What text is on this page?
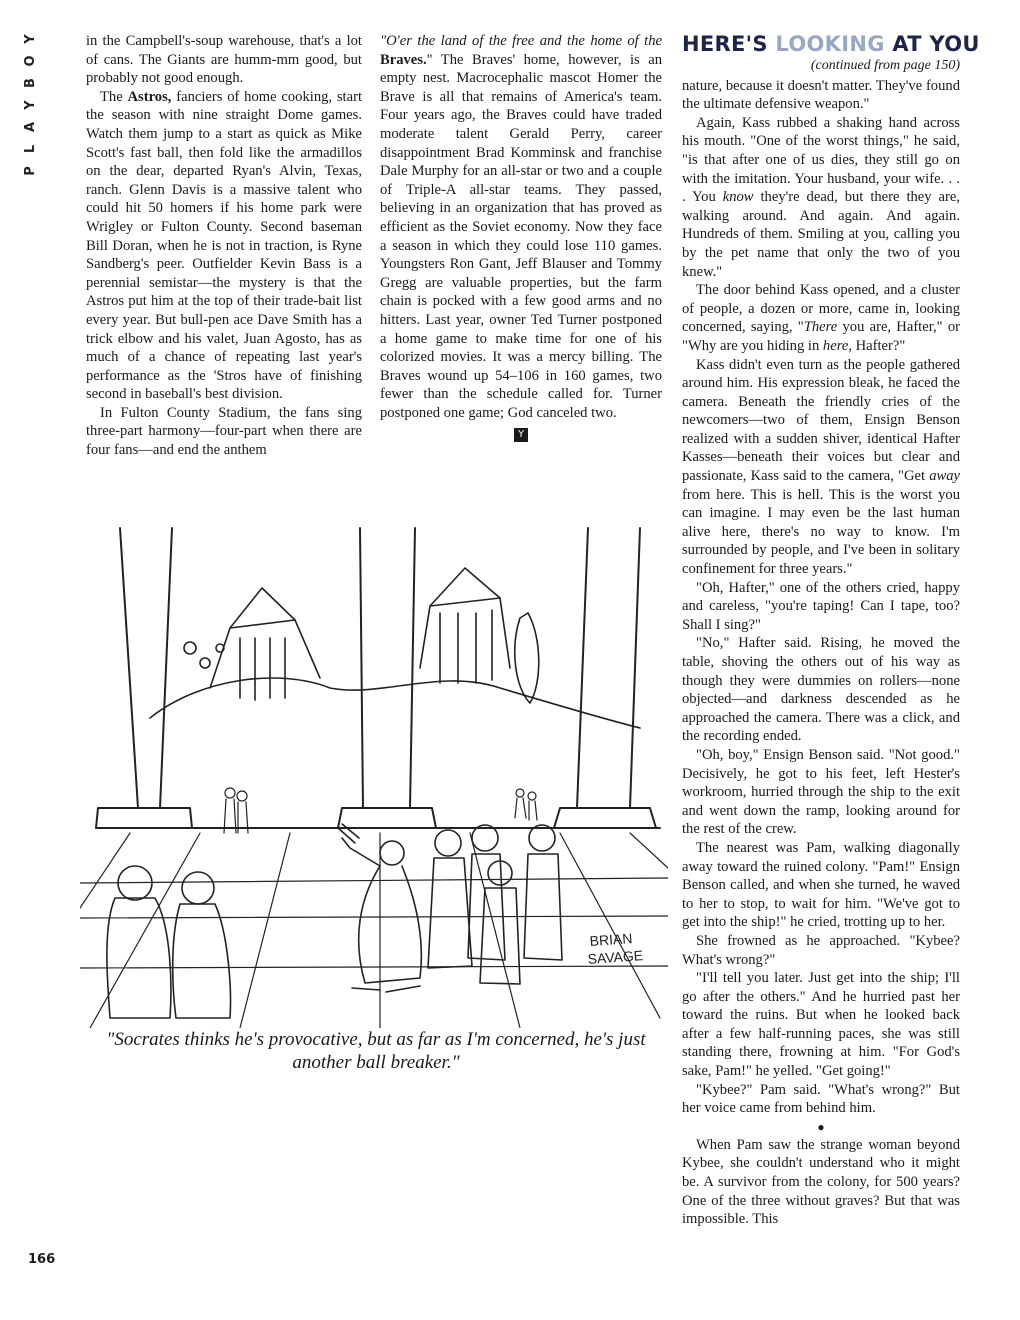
Y
O
B
Y
A
L
P

in the Campbell's-soup warehouse, that's a lot of cans. The Giants are humm-mm good, but probably not good enough.

The Astros, fanciers of home cooking, start the season with nine straight Dome games. Watch them jump to a start as quick as Mike Scott's fast ball, then fold like the armadillos on the dear, departed Ryan's Alvin, Texas, ranch. Glenn Davis is a massive talent who could hit 50 homers if his home park were Wrigley or Fulton County. Second baseman Bill Doran, when he is not in traction, is Ryne Sandberg's peer. Outfielder Kevin Bass is a perennial semistar—the mystery is that the Astros put him at the top of their trade-bait list every year. But bull-pen ace Dave Smith has a trick elbow and his valet, Juan Agosto, has as much of a chance of repeating last year's performance as the 'Stros have of finishing second in baseball's best division.

In Fulton County Stadium, the fans sing three-part harmony—four-part when there are four fans—and end the anthem

"O'er the land of the free and the home of the Braves." The Braves' home, however, is an empty nest. Macrocephalic mascot Homer the Brave is all that remains of America's team. Four years ago, the Braves could have traded moderate talent Gerald Perry, career disappointment Brad Komminsk and franchise Dale Murphy for an all-star or two and a couple of Triple-A all-star teams. They passed, believing in an organization that has proved as efficient as the Soviet economy. Now they face a season in which they could lose 110 games. Youngsters Ron Gant, Jeff Blauser and Tommy Gregg are valuable properties, but the farm chain is pocked with a few good arms and no hitters. Last year, owner Ted Turner postponed a home game to make time for one of his colorized movies. It was a mercy billing. The Braves wound up 54–106 in 160 games, two fewer than the schedule called for. Turner postponed one game; God canceled two.

Y
HERE'S LOOKING AT YOU
(continued from page 150)

nature, because it doesn't matter. They've found the ultimate defensive weapon."

Again, Kass rubbed a shaking hand across his mouth. "One of the worst things," he said, "is that after one of us dies, they still go on with the imitation. Your husband, your wife. . . . You know they're dead, but there they are, walking around. And again. And again. Hundreds of them. Smiling at you, calling you by the pet name that only the two of you knew."

The door behind Kass opened, and a cluster of people, a dozen or more, came in, looking concerned, saying, "There you are, Hafter," or "Why are you hiding in here, Hafter?"

Kass didn't even turn as the people gathered around him. His expression bleak, he faced the camera. Beneath the friendly cries of the newcomers—two of them, Ensign Benson realized with a sudden shiver, identical Hafter Kasses—beneath their voices but clear and passionate, Kass said to the camera, "Get away from here. This is hell. This is the worst you can imagine. I may even be the last human alive here, there's no way to know. I'm surrounded by people, and I've been in solitary confinement for three years."

"Oh, Hafter," one of the others cried, happy and careless, "you're taping! Can I tape, too? Shall I sing?"

"No," Hafter said. Rising, he moved the table, shoving the others out of his way as though they were dummies on rollers—none objected—and darkness descended as he approached the camera. There was a click, and the recording ended.

"Oh, boy," Ensign Benson said. "Not good." Decisively, he got to his feet, left Hester's workroom, hurried through the ship to the exit and went down the ramp, looking around for the rest of the crew.

The nearest was Pam, walking diagonally away toward the ruined colony. "Pam!" Ensign Benson called, and when she turned, he waved to her to stop, to wait for him. "We've got to get into the ship!" he cried, trotting up to her.

She frowned as he approached. "Kybee? What's wrong?"

"I'll tell you later. Just get into the ship; I'll go after the others." And he hurried past her toward the ruins. But when he looked back after a few half-running paces, she was still standing there, frowning at him. "For God's sake, Pam!" he yelled. "Get going!"

"Kybee?" Pam said. "What's wrong?" But her voice came from behind him.

●

When Pam saw the strange woman beyond Kybee, she couldn't understand who it might be. A survivor from the colony, for 500 years? One of the three without graves? But that was impossible. This

BRIAN
SAVAGE
"Socrates thinks he's provocative, but as far as I'm concerned, he's just another ball breaker."
166
